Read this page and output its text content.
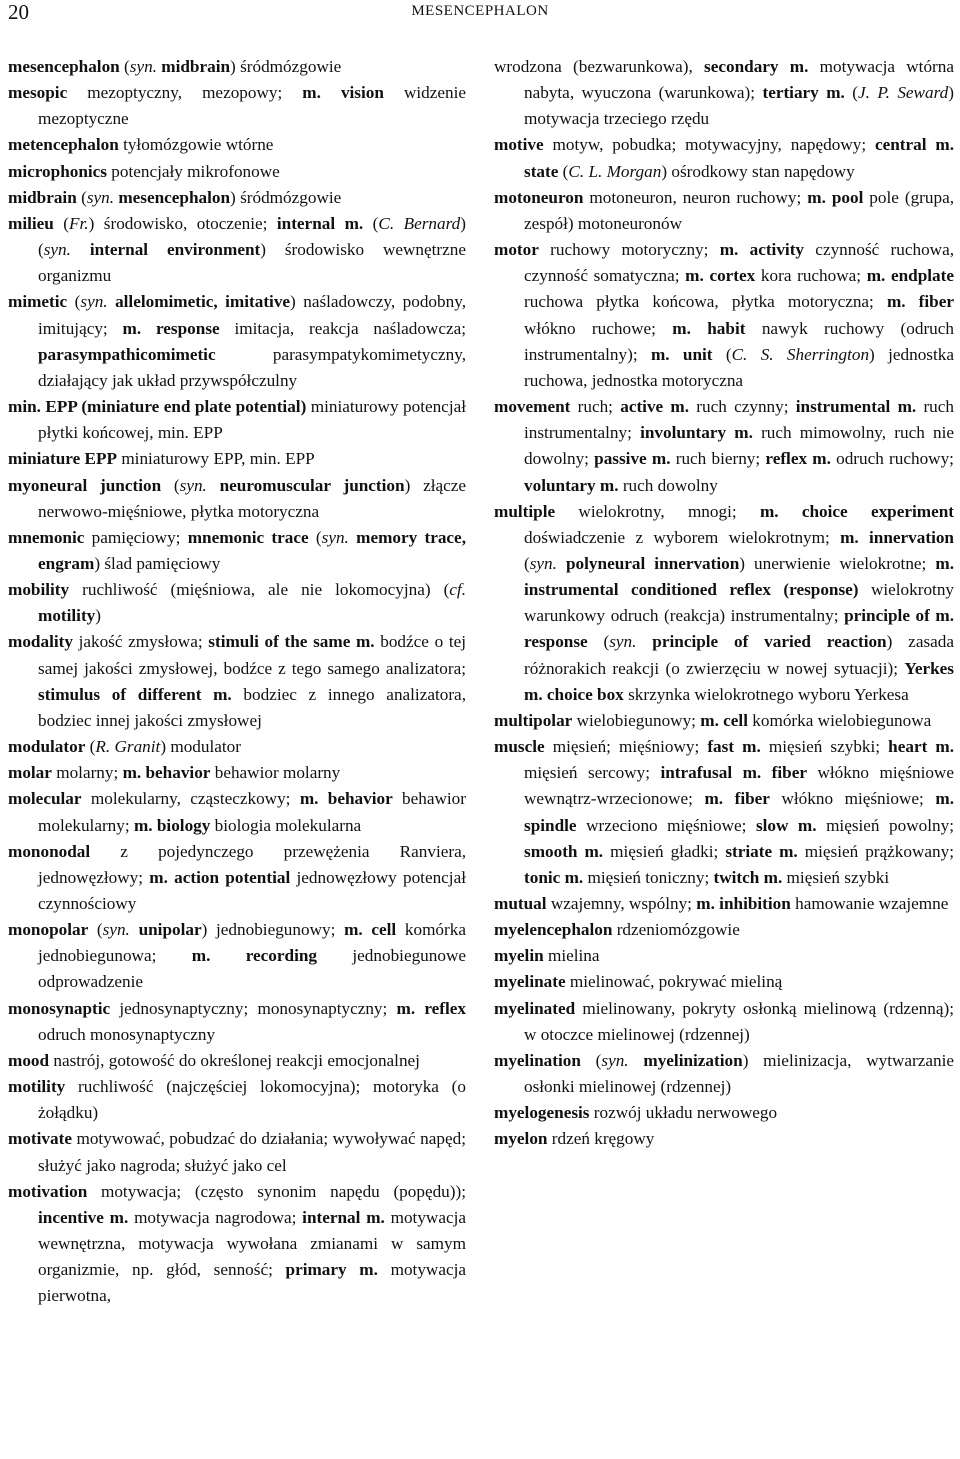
20	MESENCEPHALON

mesencephalon (syn. midbrain) śródmózgowie

mesopic mezoptyczny, mezopowy; m. vision widzenie mezoptyczne

metencephalon tyłomózgowie wtórne

microphonics potencjały mikrofonowe

midbrain (syn. mesencephalon) śródmózgowie

milieu (Fr.) środowisko, otoczenie; internal m. (C. Bernard) (syn. internal environment) środowisko wewnętrzne organizmu

mimetic (syn. allelomimetic, imitative) naśladowczy, podobny, imitujący; m. response imitacja, reakcja naśladowcza; parasympathicomimetic parasympatykomimetyczny, działający jak układ przywspółczulny

min. EPP (miniature end plate potential) miniaturowy potencjał płytki końcowej, min. EPP

miniature EPP miniaturowy EPP, min. EPP

myoneural junction (syn. neuromuscular junction) złącze nerwowo-mięśniowe, płytka motoryczna

mnemonic pamięciowy; mnemonic trace (syn. memory trace, engram) ślad pamięciowy

mobility ruchliwość (mięśniowa, ale nie lokomocyjna) (cf. motility)

modality jakość zmysłowa; stimuli of the same m. bodźce o tej samej jakości zmysłowej, bodźce z tego samego analizatora; stimulus of different m. bodziec z innego analizatora, bodziec innej jakości zmysłowej

modulator (R. Granit) modulator

molar molarny; m. behavior behawior molarny

molecular molekularny, cząsteczkowy; m. behavior behawior molekularny; m. biology biologia molekularna

mononodal z pojedynczego przewężenia Ranviera, jednowęzłowy; m. action potential jednowęzłowy potencjał czynnościowy

monopolar (syn. unipolar) jednobiegunowy; m. cell komórka jednobiegunowa; m. recording jednobiegunowe odprowadzenie

monosynaptic jednosynaptyczny; monosynaptyczny; m. reflex odruch monosynaptyczny

mood nastrój, gotowość do określonej reakcji emocjonalnej

motility ruchliwość (najczęściej lokomocyjna); motoryka (o żołądku)

motivate motywować, pobudzać do działania; wywoływać napęd; służyć jako nagroda; służyć jako cel

motivation motywacja; (często synonim napędu (popędu)); incentive m. motywacja nagrodowa; internal m. motywacja wewnętrzna, motywacja wywołana zmianami w samym organizmie, np. głód, senność; primary m. motywacja pierwotna,

wrodzona (bezwarunkowa), secondary m. motywacja wtórna nabyta, wyuczona (warunkowa); tertiary m. (J. P. Seward) motywacja trzeciego rzędu

motive motyw, pobudka; motywacyjny, napędowy; central m. state (C. L. Morgan) ośrodkowy stan napędowy

motoneuron motoneuron, neuron ruchowy; m. pool pole (grupa, zespół) motoneuronów

motor ruchowy motoryczny; m. activity czynność ruchowa, czynność somatyczna; m. cortex kora ruchowa; m. endplate ruchowa płytka końcowa, płytka motoryczna; m. fiber włókno ruchowe; m. habit nawyk ruchowy (odruch instrumentalny); m. unit (C. S. Sherrington) jednostka ruchowa, jednostka motoryczna

movement ruch; active m. ruch czynny; instrumental m. ruch instrumentalny; involuntary m. ruch mimowolny, ruch nie dowolny; passive m. ruch bierny; reflex m. odruch ruchowy; voluntary m. ruch dowolny

multiple wielokrotny, mnogi; m. choice experiment doświadczenie z wyborem wielokrotnym; m. innervation (syn. polyneural innervation) unerwienie wielokrotne; m. instrumental conditioned reflex (response) wielokrotny warunkowy odruch (reakcja) instrumentalny; principle of m. response (syn. principle of varied reaction) zasada różnorakich reakcji (o zwierzęciu w nowej sytuacji); Yerkes m. choice box skrzynka wielokrotnego wyboru Yerkesa

multipolar wielobiegunowy; m. cell komórka wielobiegunowa

muscle mięsień; mięśniowy; fast m. mięsień szybki; heart m. mięsień sercowy; intrafusal m. fiber włókno mięśniowe wewnątrz-wrzecionowe; m. fiber włókno mięśniowe; m. spindle wrzeciono mięśniowe; slow m. mięsień powolny; smooth m. mięsień gładki; striate m. mięsień prążkowany; tonic m. mięsień toniczny; twitch m. mięsień szybki

mutual wzajemny, wspólny; m. inhibition hamowanie wzajemne

myelencephalon rdzeniomózgowie

myelin mielina

myelinate mielinować, pokrywać mieliną

myelinated mielinowany, pokryty osłonką mielinową (rdzenną); w otoczce mielinowej (rdzennej)

myelination (syn. myelinization) mielinizacja, wytwarzanie osłonki mielinowej (rdzennej)

myelogenesis rozwój układu nerwowego

myelon rdzeń kręgowy
